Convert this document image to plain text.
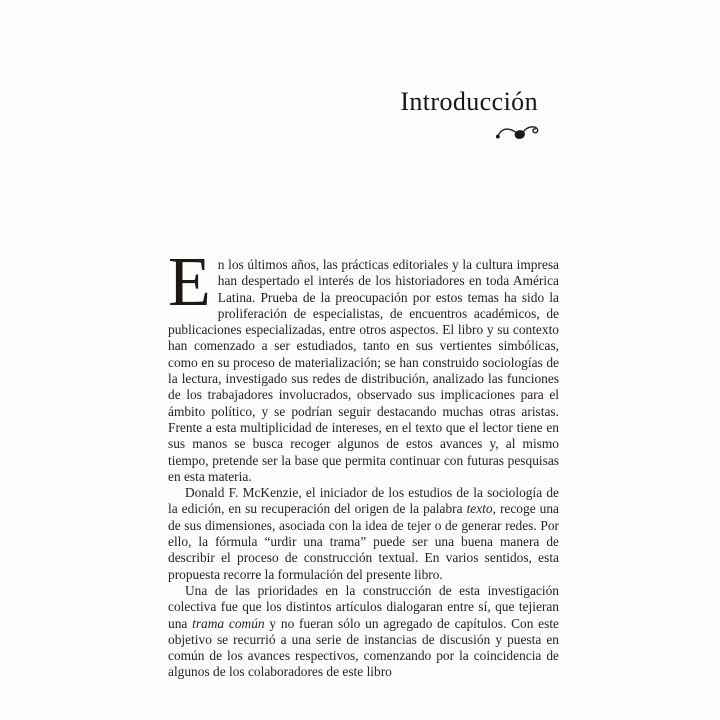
Introducción

En los últimos años, las prácticas editoriales y la cultura impresa han despertado el interés de los historiadores en toda América Latina. Prueba de la preocupación por estos temas ha sido la proliferación de especialistas, de encuentros académicos, de publicaciones especializadas, entre otros aspectos. El libro y su contexto han comenzado a ser estudiados, tanto en sus vertientes simbólicas, como en su proceso de materialización; se han construido sociologías de la lectura, investigado sus redes de distribución, analizado las funciones de los trabajadores involucrados, observado sus implicaciones para el ámbito político, y se podrían seguir destacando muchas otras aristas. Frente a esta multiplicidad de intereses, en el texto que el lector tiene en sus manos se busca recoger algunos de estos avances y, al mismo tiempo, pretende ser la base que permita continuar con futuras pesquisas en esta materia.

Donald F. McKenzie, el iniciador de los estudios de la sociología de la edición, en su recuperación del origen de la palabra texto, recoge una de sus dimensiones, asociada con la idea de tejer o de generar redes. Por ello, la fórmula “urdir una trama” puede ser una buena manera de describir el proceso de construcción textual. En varios sentidos, esta propuesta recorre la formulación del presente libro.

Una de las prioridades en la construcción de esta investigación colectiva fue que los distintos artículos dialogaran entre sí, que tejieran una trama común y no fueran sólo un agregado de capítulos. Con este objetivo se recurrió a una serie de instancias de discusión y puesta en común de los avances respectivos, comenzando por la coincidencia de algunos de los colaboradores de este libro
